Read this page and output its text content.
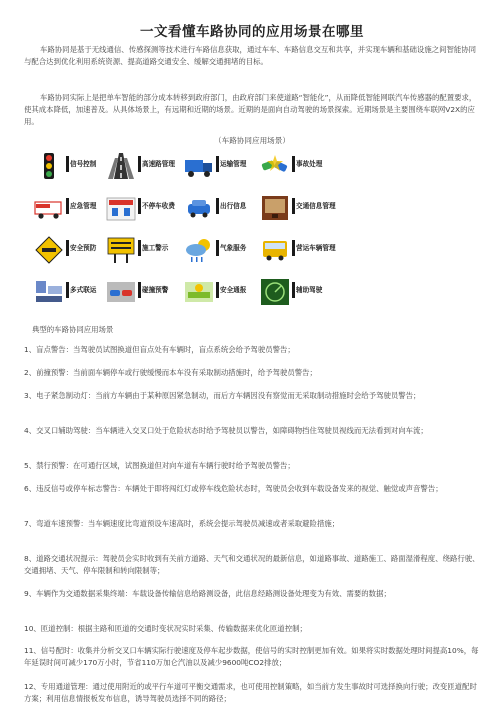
一文看懂车路协同的应用场景在哪里

车路协同是基于无线通信、传感探测等技术进行车路信息获取，通过车车、车路信息交互和共享，并实现车辆和基础设施之间智能协同与配合达到优化利用系统资源、提高道路交通安全、缓解交通拥堵的目标。

车路协同实际上是把单车智能的部分成本转移到政府部门，由政府部门来使道路“智能化”，从而降低智能网联汽车传感器的配置要求，使其成本降低，加速普及。从具体场景上，有远期和近期的场景。近期的是面向自动驾驶的场景探索。近期场景是主要围绕车联网V2X的应用。

（车路协同应用场景）
信号控制	高速路管理	运输管理	事故处理
应急管理	不停车收费	出行信息	交通信息管理
安全预防	施工警示	气象服务	营运车辆管理
多式联运	碰撞预警	安全通报	辅助驾驶
典型的车路协同应用场景

1、盲点警告：当驾驶员试图换道但盲点处有车辆时，盲点系统会给予驾驶员警告；

2、前撞预警：当前面车辆停车或行驶缓慢而本车没有采取制动措施时，给予驾驶员警告；

3、电子紧急制动灯：当前方车辆由于某种原因紧急制动，而后方车辆因没有察觉而无采取制动措施时会给予驾驶员警告；

4、交叉口辅助驾驶：当车辆进入交叉口处于危险状态时给予驾驶员以警告，如障碍物挡住驾驶员视线而无法看到对向车流；

5、禁行预警：在可通行区域，试图换道但对向车道有车辆行驶时给予驾驶员警告；

6、违反信号或停车标志警告：车辆处于即将闯红灯或停车线危险状态时，驾驶员会收到车载设备发来的视觉、触觉或声音警告；

7、弯道车速预警：当车辆速度比弯道预设车速高时，系统会提示驾驶员减速或者采取避险措施；

8、道路交通状况提示：驾驶员会实时收到有关前方道路、天气和交通状况的最新信息，如道路事故、道路施工、路面湿滑程度、绕路行驶、交通拥堵、天气、停车限制和转向限制等；

9、车辆作为交通数据采集终端：车载设备传输信息给路测设备，此信息经路测设备处理变为有效、需要的数据；

10、匝道控制：根据主路和匝道的交通时变状况实时采集、传输数据来优化匝道控制；

11、信号配时：收集并分析交叉口车辆实际行驶速度及停车起步数据，使信号的实时控制更加有效。如果将实时数据处理时间提高10%，每年延误时间可减少170万小时，节省110万加仑汽油以及减少9600吨CO2排放；

12、专用通道管理：通过使用附近的或平行车道可平衡交通需求，也可使用控制策略，如当前方发生事故时可选择换向行驶；改变匝道配时方案；利用信息情报板发布信息，诱导驾驶员选择不同的路径；
